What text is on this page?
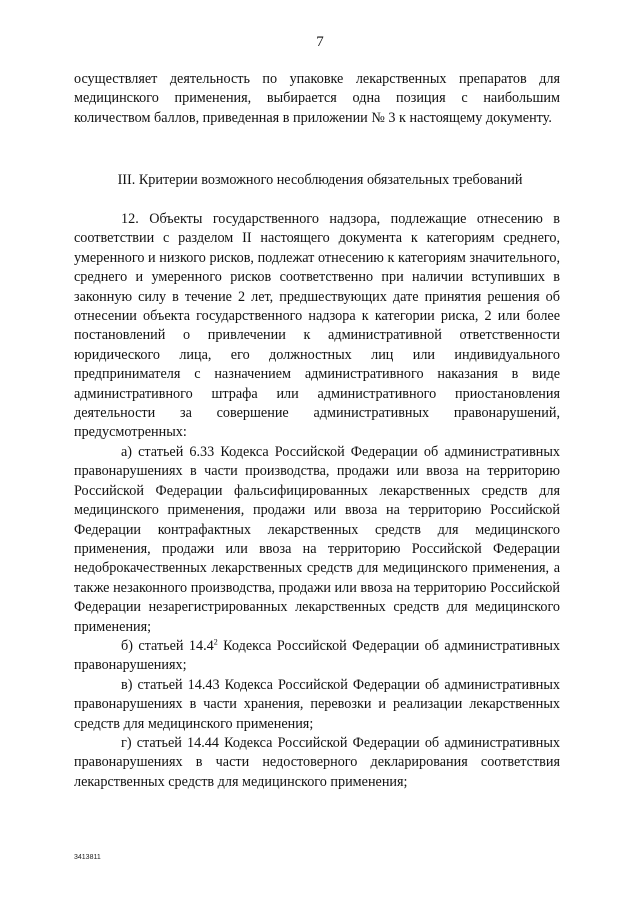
7

осуществляет деятельность по упаковке лекарственных препаратов для медицинского применения, выбирается одна позиция с наибольшим количеством баллов, приведенная в приложении № 3 к настоящему документу.

III. Критерии возможного несоблюдения обязательных требований

12. Объекты государственного надзора, подлежащие отнесению в соответствии с разделом II настоящего документа к категориям среднего, умеренного и низкого рисков, подлежат отнесению к категориям значительного, среднего и умеренного рисков соответственно при наличии вступивших в законную силу в течение 2 лет, предшествующих дате принятия решения об отнесении объекта государственного надзора к категории риска, 2 или более постановлений о привлечении к административной ответственности юридического лица, его должностных лиц или индивидуального предпринимателя с назначением административного наказания в виде административного штрафа или административного приостановления деятельности за совершение административных правонарушений, предусмотренных:

а) статьей 6.33 Кодекса Российской Федерации об административных правонарушениях в части производства, продажи или ввоза на территорию Российской Федерации фальсифицированных лекарственных средств для медицинского применения, продажи или ввоза на территорию Российской Федерации контрафактных лекарственных средств для медицинского применения, продажи или ввоза на территорию Российской Федерации недоброкачественных лекарственных средств для медицинского применения, а также незаконного производства, продажи или ввоза на территорию Российской Федерации незарегистрированных лекарственных средств для медицинского применения;

б) статьей 14.4$^2$ Кодекса Российской Федерации об административных правонарушениях;

в) статьей 14.43 Кодекса Российской Федерации об административных правонарушениях в части хранения, перевозки и реализации лекарственных средств для медицинского применения;

г) статьей 14.44 Кодекса Российской Федерации об административных правонарушениях в части недостоверного декларирования соответствия лекарственных средств для медицинского применения;

3413811
